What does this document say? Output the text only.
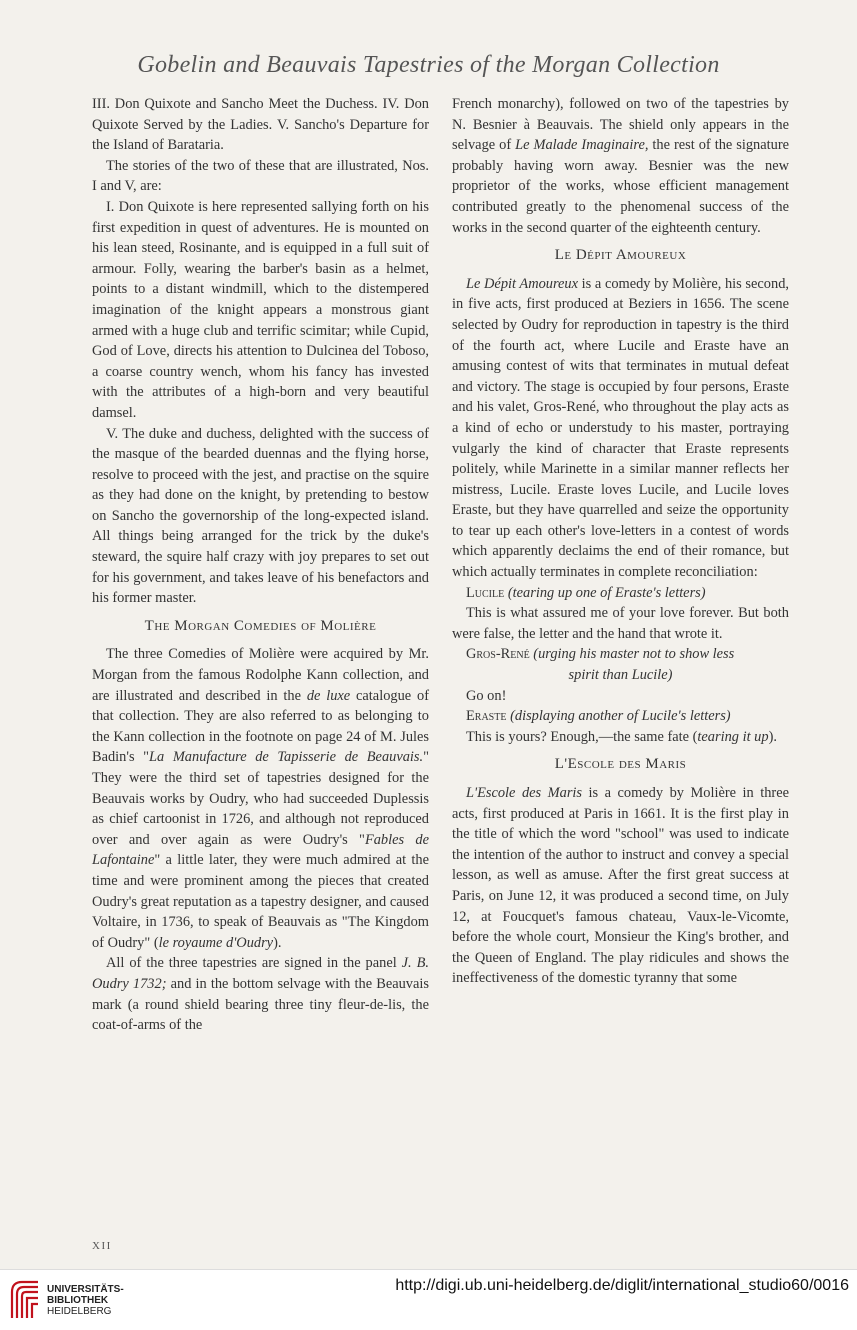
Gobelin and Beauvais Tapestries of the Morgan Collection

III. Don Quixote and Sancho Meet the Duchess. IV. Don Quixote Served by the Ladies. V. Sancho's Departure for the Island of Barataria.

The stories of the two of these that are illustrated, Nos. I and V, are:

I. Don Quixote is here represented sallying forth on his first expedition in quest of adventures. He is mounted on his lean steed, Rosinante, and is equipped in a full suit of armour. Folly, wearing the barber's basin as a helmet, points to a distant windmill, which to the distempered imagination of the knight appears a monstrous giant armed with a huge club and terrific scimitar; while Cupid, God of Love, directs his attention to Dulcinea del Toboso, a coarse country wench, whom his fancy has invested with the attributes of a high-born and very beautiful damsel.

V. The duke and duchess, delighted with the success of the masque of the bearded duennas and the flying horse, resolve to proceed with the jest, and practise on the squire as they had done on the knight, by pretending to bestow on Sancho the governorship of the long-expected island. All things being arranged for the trick by the duke's steward, the squire half crazy with joy prepares to set out for his government, and takes leave of his benefactors and his former master.

The Morgan Comedies of Molière

The three Comedies of Molière were acquired by Mr. Morgan from the famous Rodolphe Kann collection, and are illustrated and described in the de luxe catalogue of that collection. They are also referred to as belonging to the Kann collection in the footnote on page 24 of M. Jules Badin's "La Manufacture de Tapisserie de Beauvais." They were the third set of tapestries designed for the Beauvais works by Oudry, who had succeeded Duplessis as chief cartoonist in 1726, and although not reproduced over and over again as were Oudry's "Fables de Lafontaine" a little later, they were much admired at the time and were prominent among the pieces that created Oudry's great reputation as a tapestry designer, and caused Voltaire, in 1736, to speak of Beauvais as "The Kingdom of Oudry" (le royaume d'Oudry).

All of the three tapestries are signed in the panel J. B. Oudry 1732; and in the bottom selvage with the Beauvais mark (a round shield bearing three tiny fleur-de-lis, the coat-of-arms of the

French monarchy), followed on two of the tapestries by N. Besnier à Beauvais. The shield only appears in the selvage of Le Malade Imaginaire, the rest of the signature probably having worn away. Besnier was the new proprietor of the works, whose efficient management contributed greatly to the phenomenal success of the works in the second quarter of the eighteenth century.

Le Dépit Amoureux

Le Dépit Amoureux is a comedy by Molière, his second, in five acts, first produced at Beziers in 1656. The scene selected by Oudry for reproduction in tapestry is the third of the fourth act, where Lucile and Eraste have an amusing contest of wits that terminates in mutual defeat and victory. The stage is occupied by four persons, Eraste and his valet, Gros-René, who throughout the play acts as a kind of echo or understudy to his master, portraying vulgarly the kind of character that Eraste represents politely, while Marinette in a similar manner reflects her mistress, Lucile. Eraste loves Lucile, and Lucile loves Eraste, but they have quarrelled and seize the opportunity to tear up each other's love-letters in a contest of words which apparently declaims the end of their romance, but which actually terminates in complete reconciliation:

Lucile (tearing up one of Eraste's letters)

This is what assured me of your love forever. But both were false, the letter and the hand that wrote it.

Gros-René (urging his master not to show less

spirit than Lucile)

Go on!

Eraste (displaying another of Lucile's letters)

This is yours? Enough,—the same fate (tearing it up).

L'Escole des Maris

L'Escole des Maris is a comedy by Molière in three acts, first produced at Paris in 1661. It is the first play in the title of which the word "school" was used to indicate the intention of the author to instruct and convey a special lesson, as well as amuse. After the first great success at Paris, on June 12, it was produced a second time, on July 12, at Foucquet's famous chateau, Vaux-le-Vicomte, before the whole court, Monsieur the King's brother, and the Queen of England. The play ridicules and shows the ineffectiveness of the domestic tyranny that some

XII
UNIVERSITÄTS-
BIBLIOTHEK
HEIDELBERG
http://digi.ub.uni-heidelberg.de/diglit/international_studio60/0016
